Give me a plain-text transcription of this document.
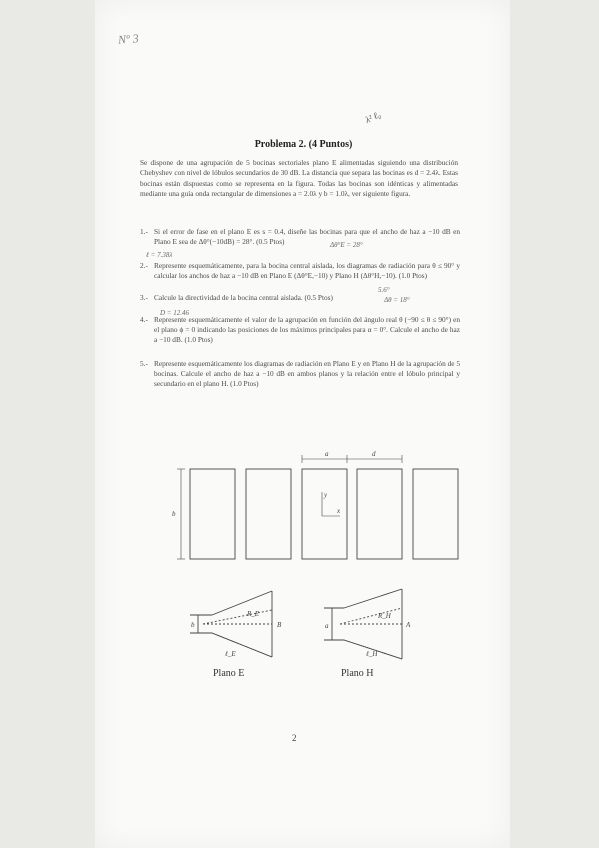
Nº 3
λ² ℓ₀
Problema 2. (4 Puntos)
Se dispone de una agrupación de 5 bocinas sectoriales plano E alimentadas siguiendo una distribución Chebyshev con nivel de lóbulos secundarios de 30 dB. La distancia que separa las bocinas es d = 2.4λ. Estas bocinas están dispuestas como se representa en la figura. Todas las bocinas son idénticas y alimentadas mediante una guía onda rectangular de dimensiones a = 2.0λ y b = 1.0λ, ver siguiente figura.
1.- Si el error de fase en el plano E es s = 0.4, diseñe las bocinas para que el ancho de haz a −10 dB en Plano E sea de Δθ°(−10dB) = 28°. (0.5 Ptos)
2.- Represente esquemáticamente, para la bocina central aislada, los diagramas de radiación para θ ≤ 90° y calcular los anchos de haz a −10 dB en Plano E (Δθ°E,−10) y Plano H (Δθ°H,−10). (1.0 Ptos)
3.- Calcule la directividad de la bocina central aislada. (0.5 Ptos)
4.- Represente esquemáticamente el valor de la agrupación en función del ángulo real θ (−90 ≤ θ ≤ 90°) en el plano ϕ = 0 indicando las posiciones de los máximos principales para α = 0°. Calcule el ancho de haz a −10 dB. (1.0 Ptos)
5.- Represente esquemáticamente los diagramas de radiación en Plano E y en Plano H de la agrupación de 5 bocinas. Calcule el ancho de haz a −10 dB en ambos planos y la relación entre el lóbulo principal y secundario en el plano H. (1.0 Ptos)
ℓ = 7.38λ
5.6°
Δθ = 18°
D = 12.46
Δθ°E = 28°
a	d
b
y
x
R_E
b	B
ℓ_E
R_H
a	A
ℓ_H
Plano E	Plano H
2
